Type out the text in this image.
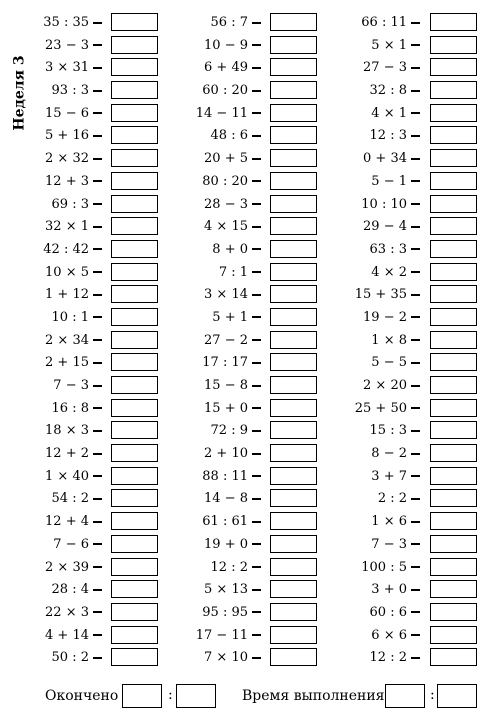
Неделя 3
35 : 35
23 − 3
3 × 31
93 : 3
15 − 6
5 + 16
2 × 32
12 + 3
69 : 3
32 × 1
42 : 42
10 × 5
1 + 12
10 : 1
2 × 34
2 + 15
7 − 3
16 : 8
18 × 3
12 + 2
1 × 40
54 : 2
12 + 4
7 − 6
2 × 39
28 : 4
22 × 3
4 + 14
50 : 2
56 : 7
10 − 9
6 + 49
60 : 20
14 − 11
48 : 6
20 + 5
80 : 20
28 − 3
4 × 15
8 + 0
7 : 1
3 × 14
5 + 1
27 − 2
17 : 17
15 − 8
15 + 0
72 : 9
2 + 10
88 : 11
14 − 8
61 : 61
19 + 0
12 : 2
5 × 13
95 : 95
17 − 11
7 × 10
66 : 11
5 × 1
27 − 3
32 : 8
4 × 1
12 : 3
0 + 34
5 − 1
10 : 10
29 − 4
63 : 3
4 × 2
15 + 35
19 − 2
1 × 8
5 − 5
2 × 20
25 + 50
15 : 3
8 − 2
3 + 7
2 : 2
1 × 6
7 − 3
100 : 5
3 + 0
60 : 6
6 × 6
12 : 2
Окончено	:	Время выполнения	:
